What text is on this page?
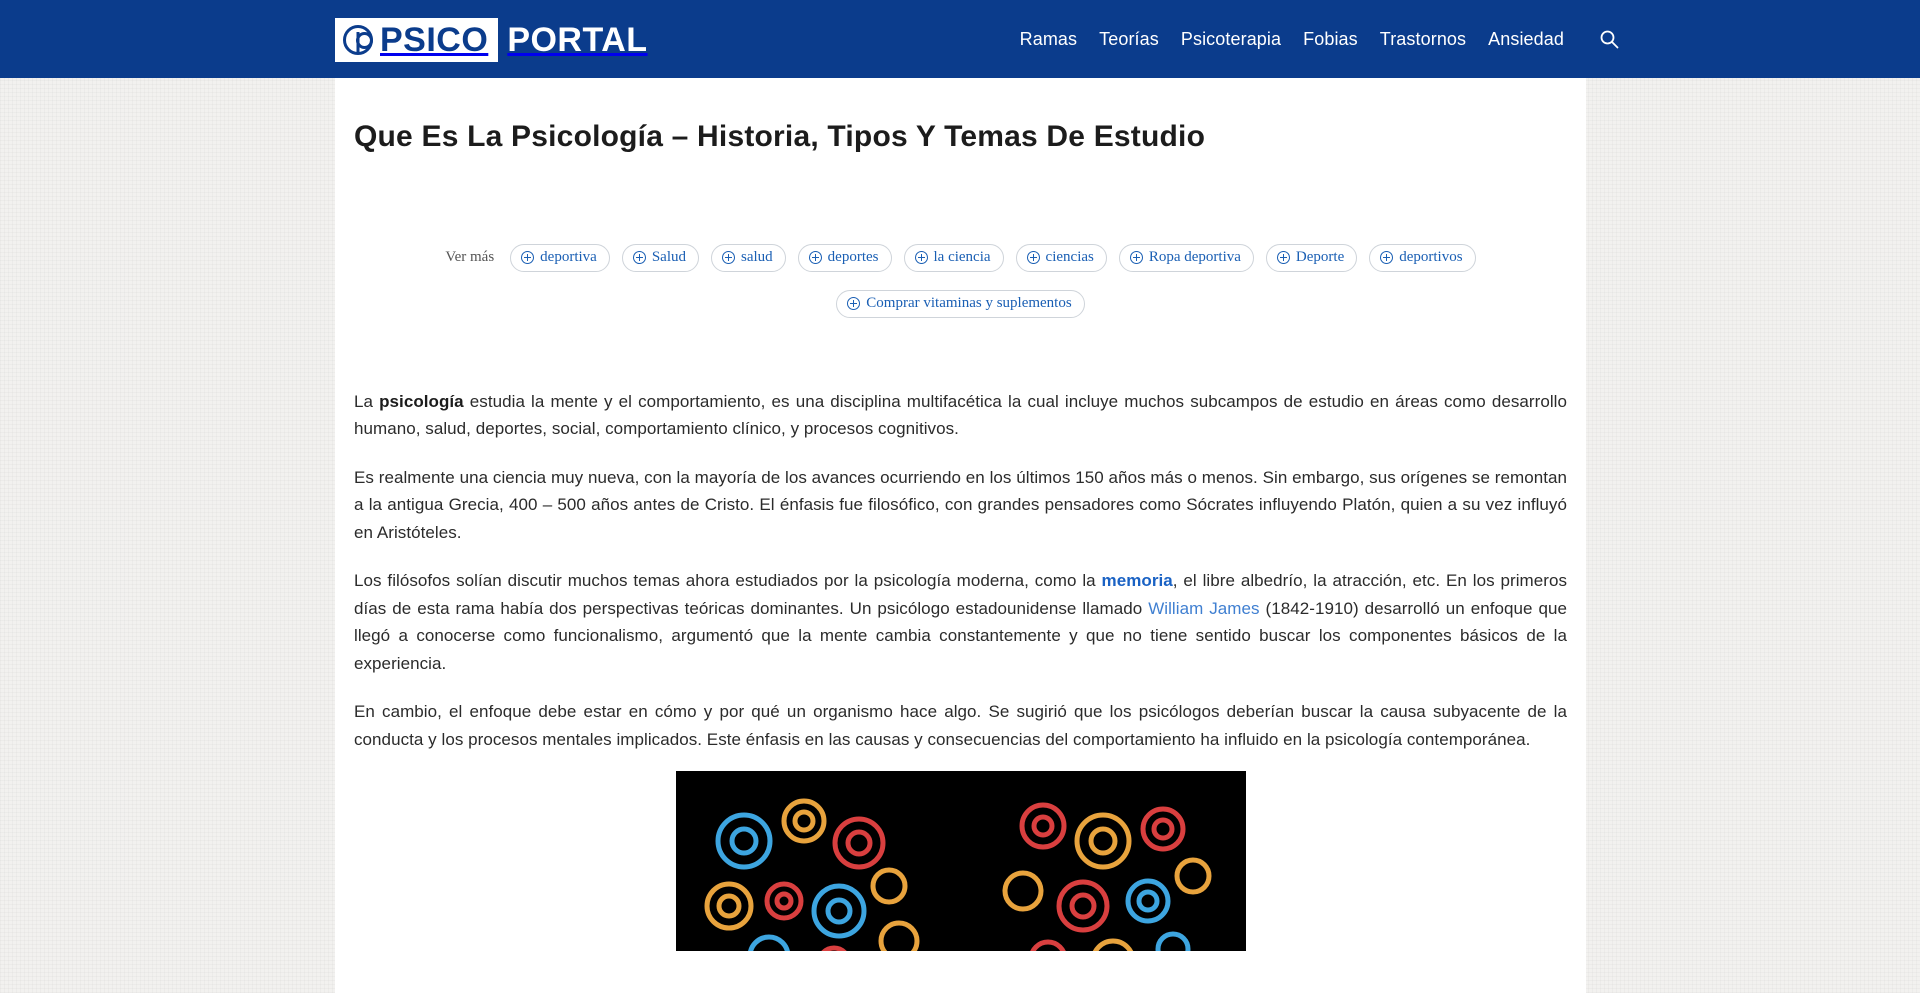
PSICO PORTAL	Ramas Teorías Psicoterapia Fobias Trastornos Ansiedad
Que Es La Psicología – Historia, Tipos Y Temas De Estudio
Ver más	deportiva	Salud	salud	deportes	la ciencia	ciencias	Ropa deportiva	Deporte	deportivos
Comprar vitaminas y suplementos

La psicología estudia la mente y el comportamiento, es una disciplina multifacética la cual incluye muchos subcampos de estudio en áreas como desarrollo humano, salud, deportes, social, comportamiento clínico, y procesos cognitivos.

Es realmente una ciencia muy nueva, con la mayoría de los avances ocurriendo en los últimos 150 años más o menos. Sin embargo, sus orígenes se remontan a la antigua Grecia, 400 – 500 años antes de Cristo. El énfasis fue filosófico, con grandes pensadores como Sócrates influyendo Platón, quien a su vez influyó en Aristóteles.

Los filósofos solían discutir muchos temas ahora estudiados por la psicología moderna, como la memoria, el libre albedrío, la atracción, etc. En los primeros días de esta rama había dos perspectivas teóricas dominantes. Un psicólogo estadounidense llamado William James (1842-1910) desarrolló un enfoque que llegó a conocerse como funcionalismo, argumentó que la mente cambia constantemente y que no tiene sentido buscar los componentes básicos de la experiencia.

En cambio, el enfoque debe estar en cómo y por qué un organismo hace algo. Se sugirió que los psicólogos deberían buscar la causa subyacente de la conducta y los procesos mentales implicados. Este énfasis en las causas y consecuencias del comportamiento ha influido en la psicología contemporánea.
